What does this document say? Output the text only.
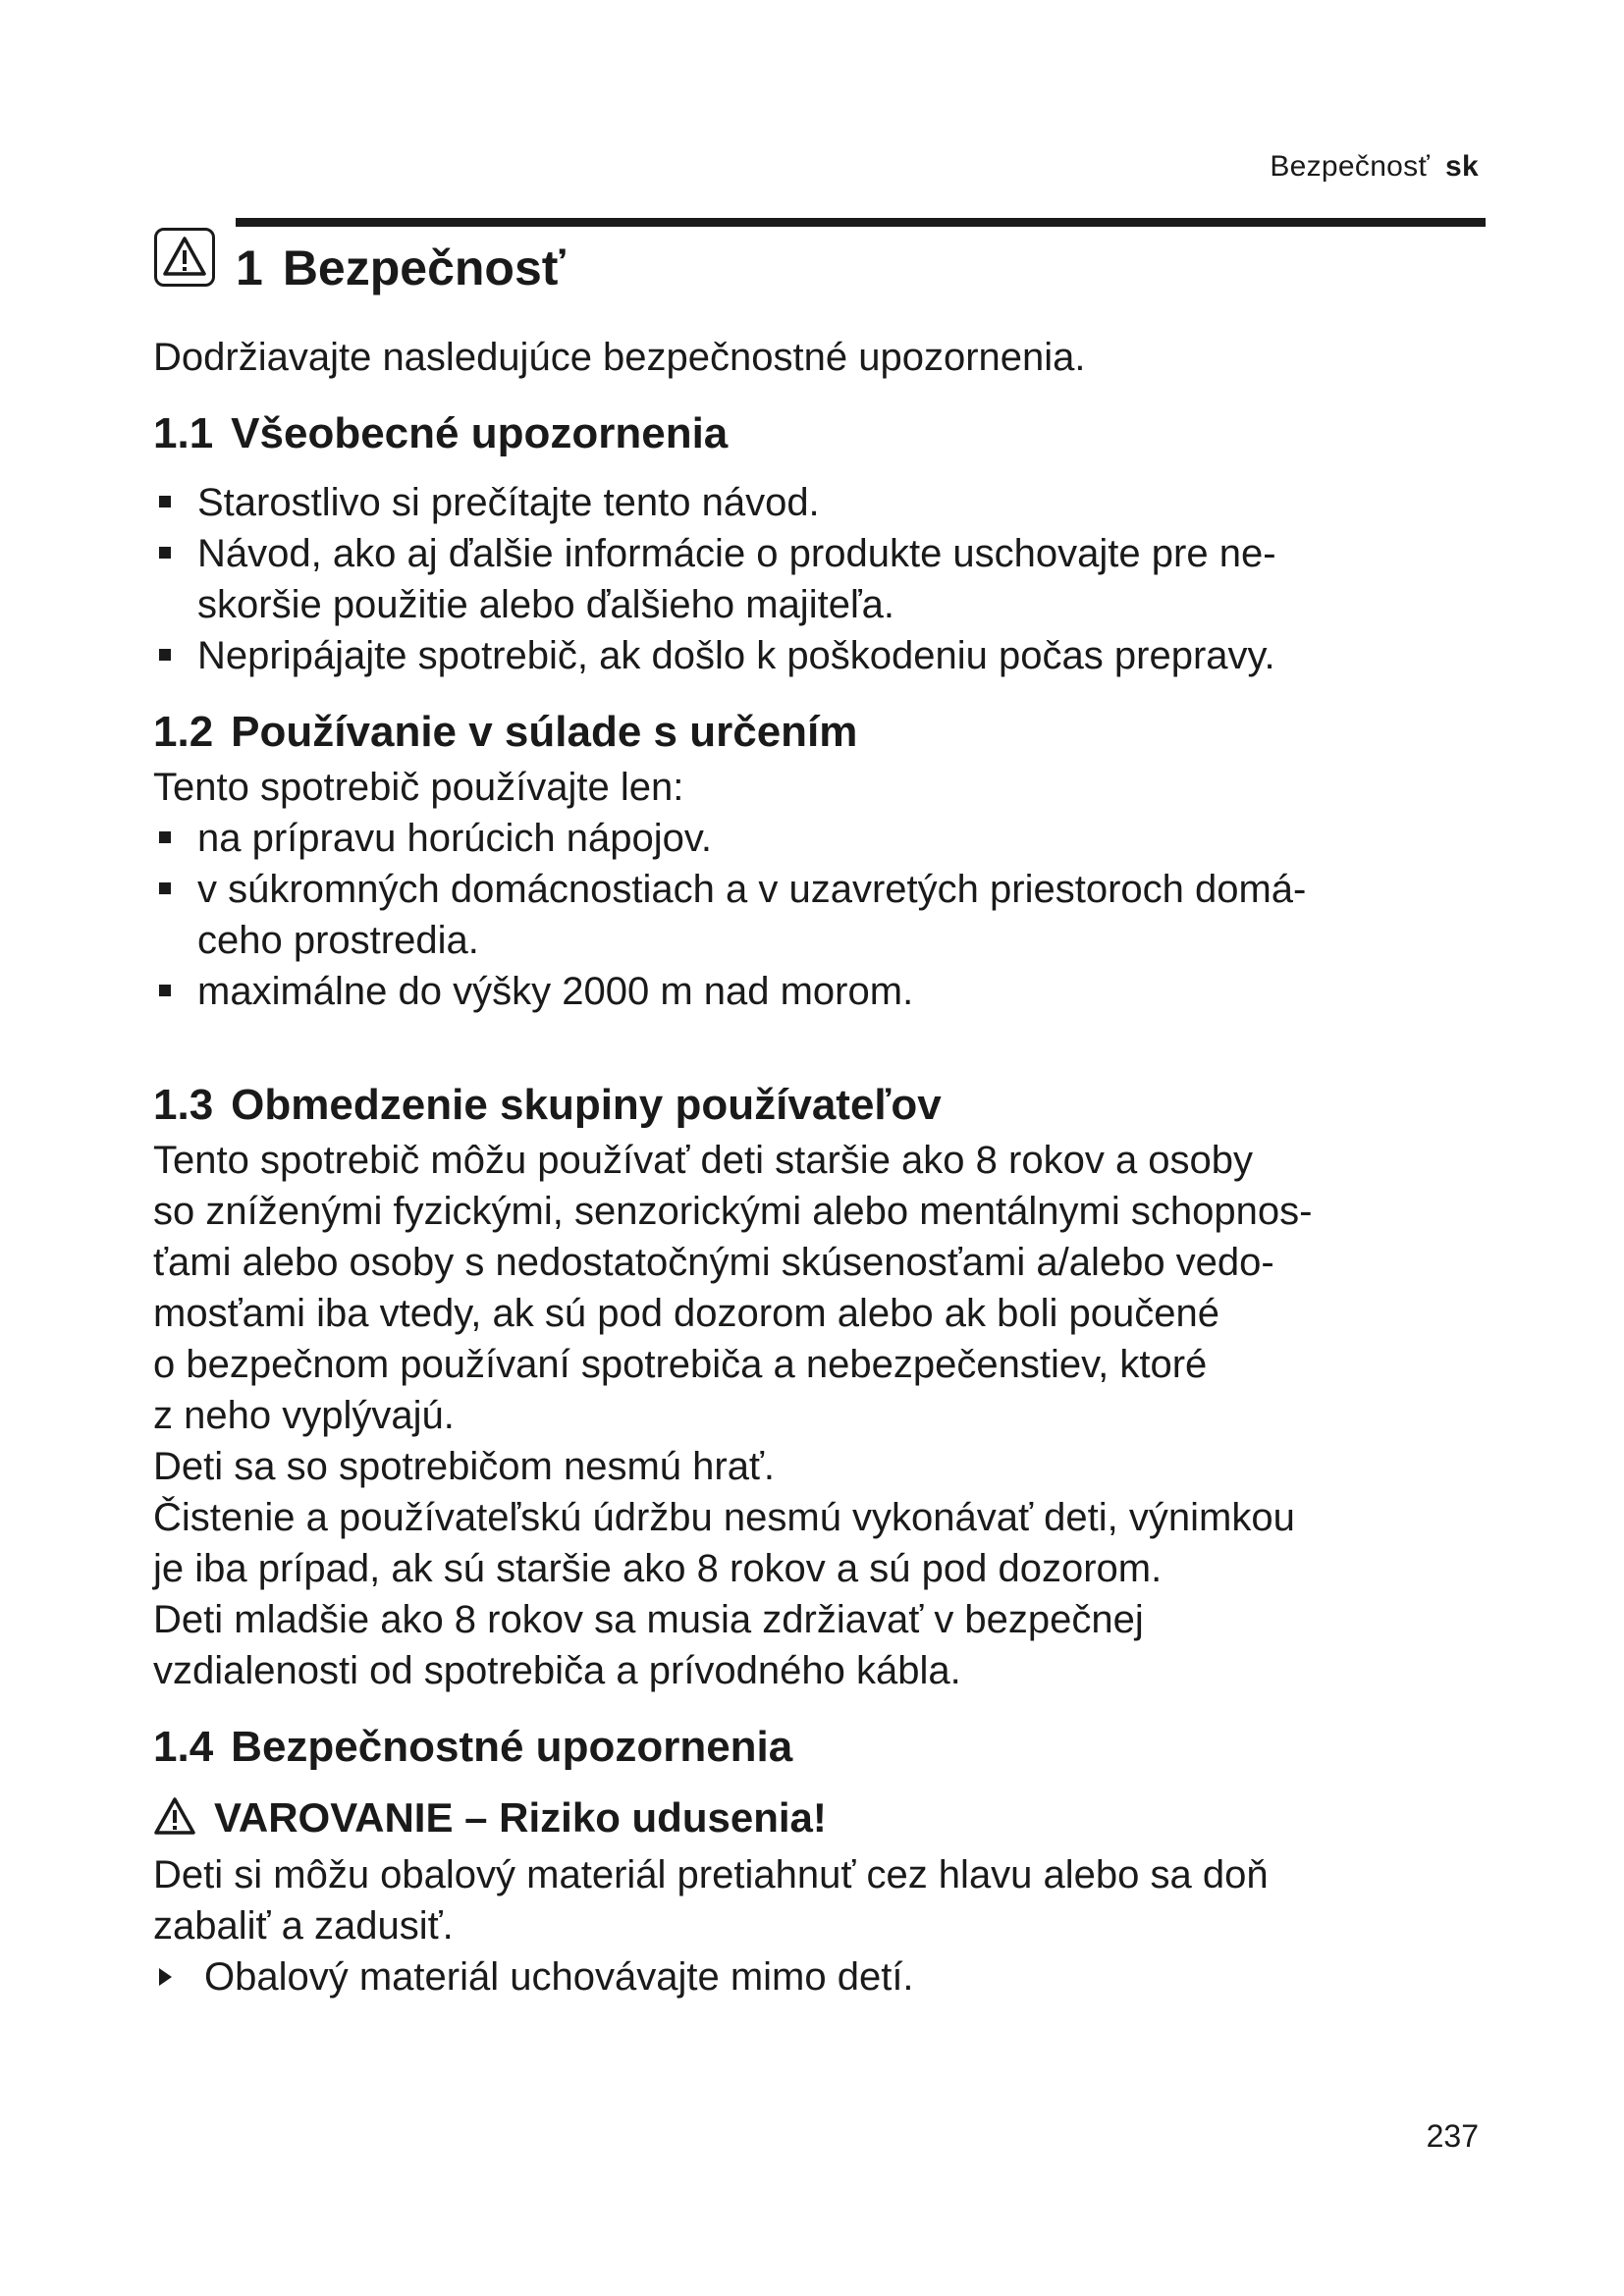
Bezpečnosť sk
1 Bezpečnosť

Dodržiavajte nasledujúce bezpečnostné upozornenia.

1.1 Všeobecné upozornenia
Starostlivo si prečítajte tento návod.
Návod, ako aj ďalšie informácie o produkte uschovajte pre ne-
skoršie použitie alebo ďalšieho majiteľa.
Nepripájajte spotrebič, ak došlo k poškodeniu počas prepravy.
1.2 Používanie v súlade s určením

Tento spotrebič používajte len:

na prípravu horúcich nápojov.
v súkromných domácnostiach a v uzavretých priestoroch domá-
ceho prostredia.
maximálne do výšky 2000 m nad morom.
1.3 Obmedzenie skupiny používateľov

Tento spotrebič môžu používať deti staršie ako 8 rokov a osoby
so zníženými fyzickými, senzorickými alebo mentálnymi schopnos-
ťami alebo osoby s nedostatočnými skúsenosťami a/alebo vedo-
mosťami iba vtedy, ak sú pod dozorom alebo ak boli poučené
o bezpečnom používaní spotrebiča a nebezpečenstiev, ktoré
z neho vyplývajú.
Deti sa so spotrebičom nesmú hrať.
Čistenie a používateľskú údržbu nesmú vykonávať deti, výnimkou
je iba prípad, ak sú staršie ako 8 rokov a sú pod dozorom.
Deti mladšie ako 8 rokov sa musia zdržiavať v bezpečnej
vzdialenosti od spotrebiča a prívodného kábla.

1.4 Bezpečnostné upozornenia
VAROVANIE – Riziko udusenia!

Deti si môžu obalový materiál pretiahnuť cez hlavu alebo sa doň
zabaliť a zadusiť.

Obalový materiál uchovávajte mimo detí.
237
